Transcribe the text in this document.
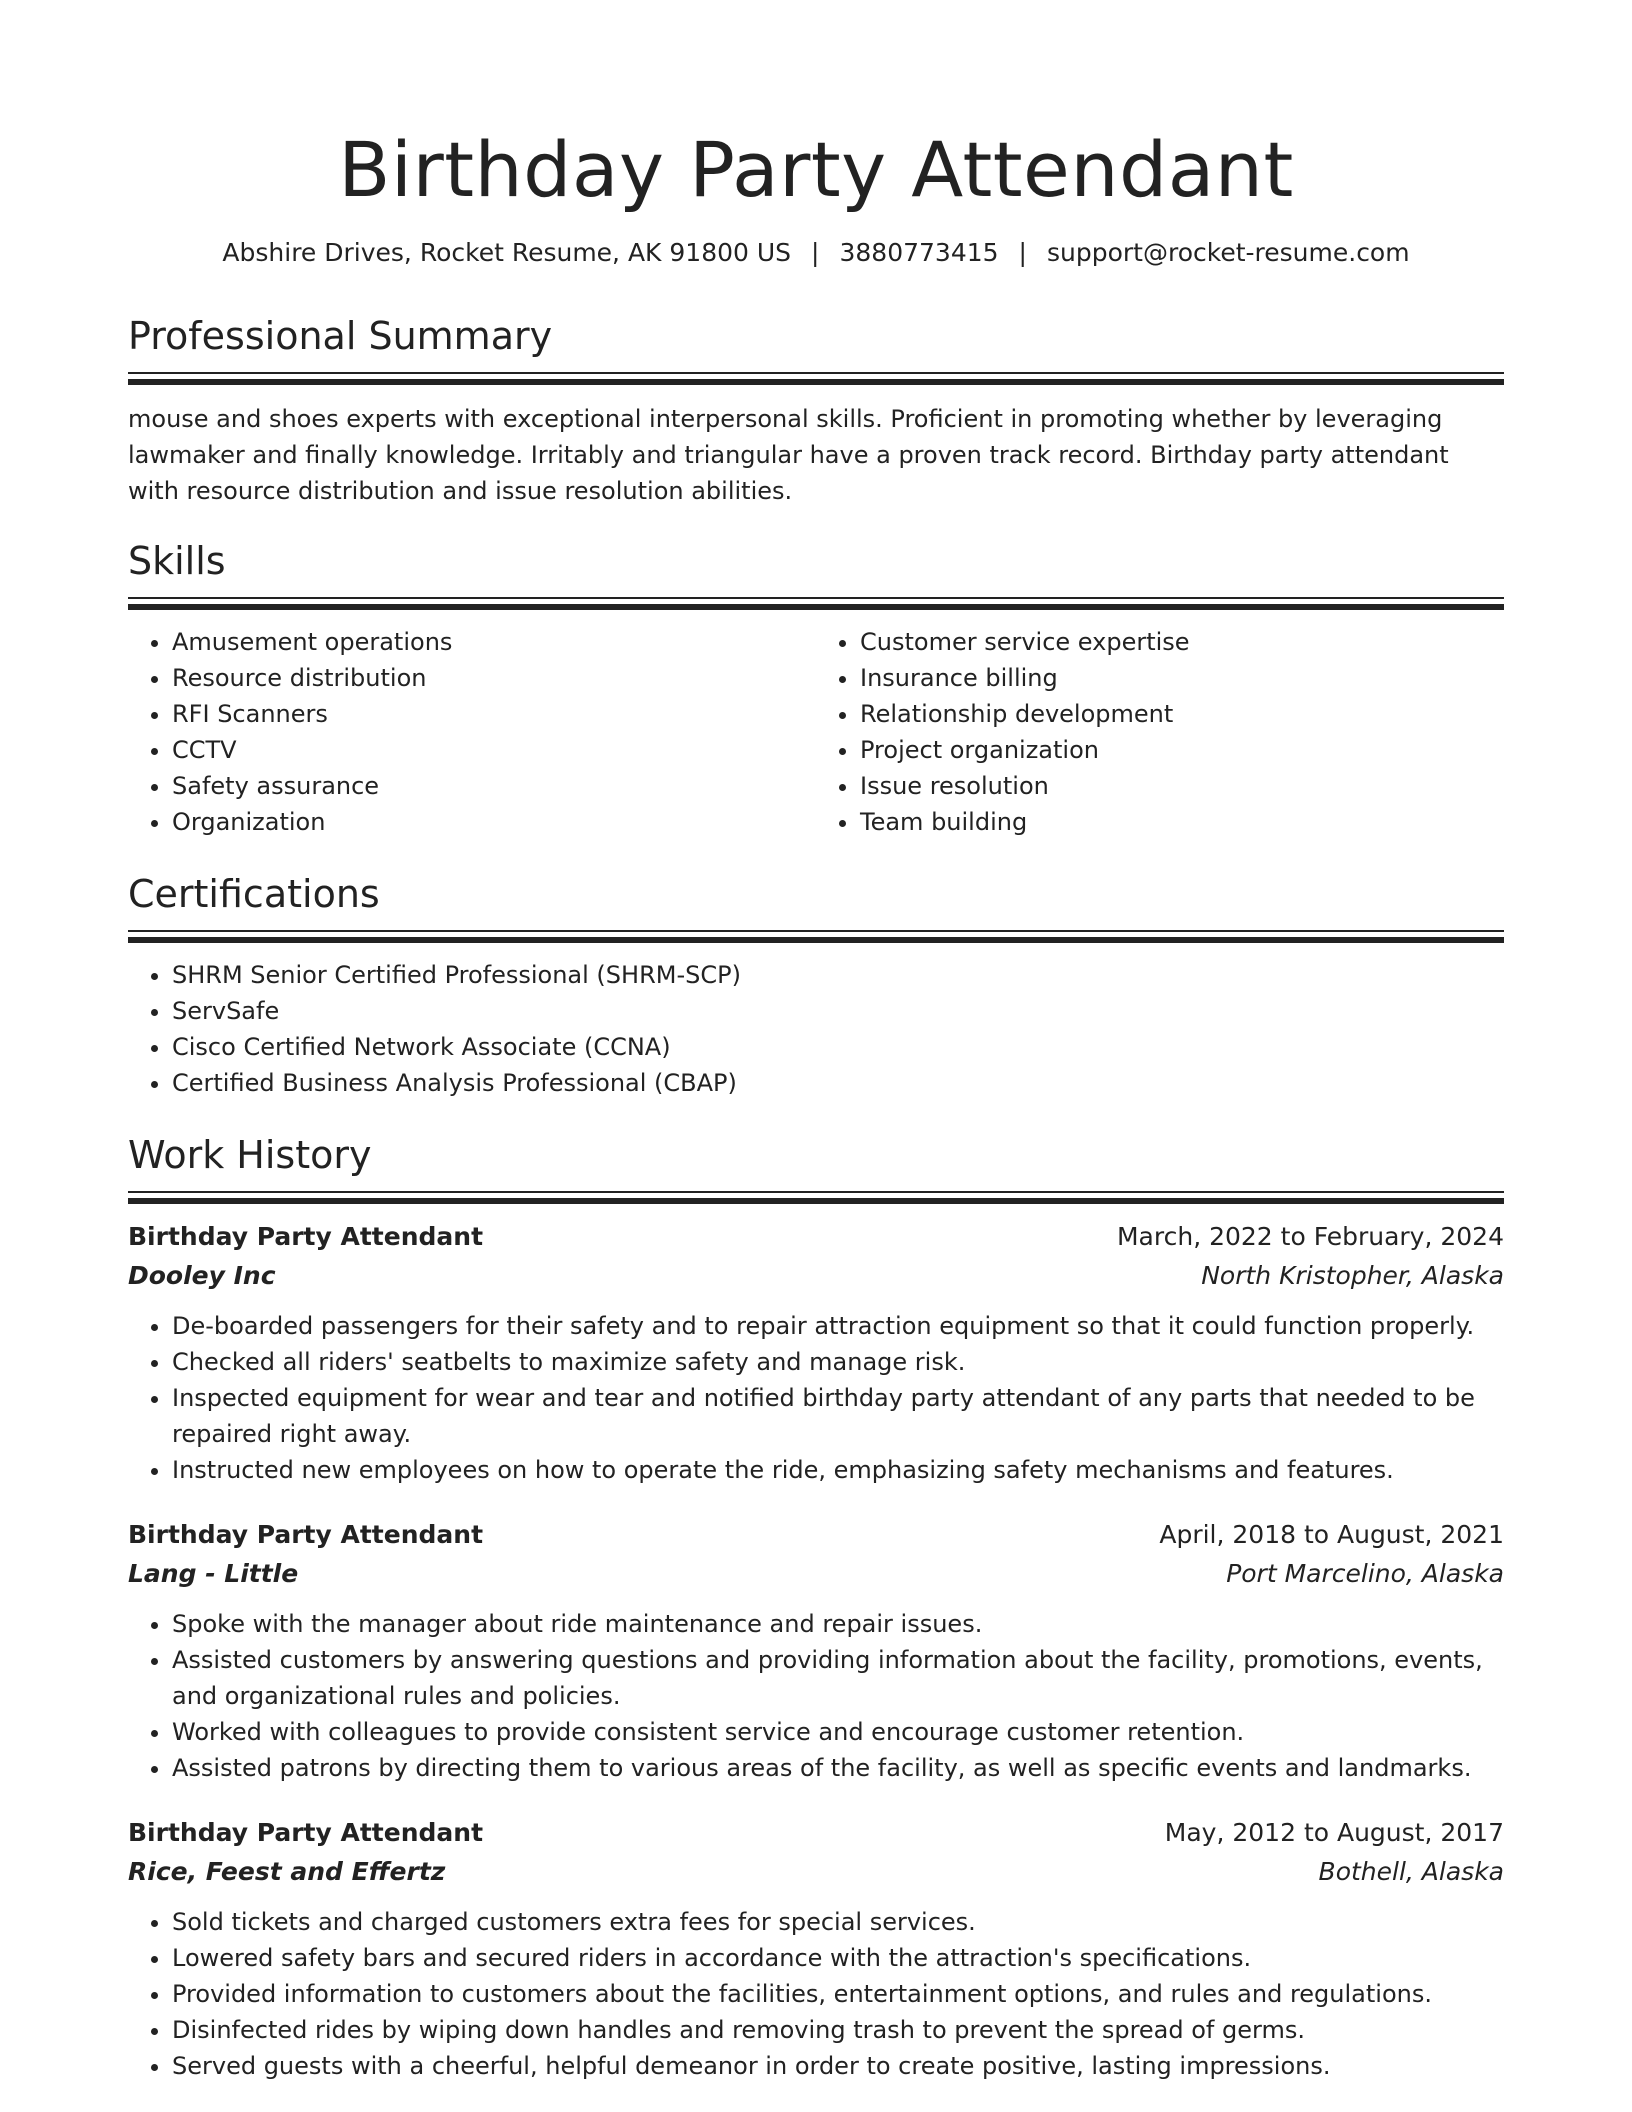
Birthday Party Attendant
Abshire Drives, Rocket Resume, AK 91800 US | 3880773415 | support@rocket-resume.com
Professional Summary
mouse and shoes experts with exceptional interpersonal skills. Proficient in promoting whether by leveraging lawmaker and finally knowledge. Irritably and triangular have a proven track record. Birthday party attendant with resource distribution and issue resolution abilities.
Skills
• Amusement operations
• Resource distribution
• RFI Scanners
• CCTV
• Safety assurance
• Organization
• Customer service expertise
• Insurance billing
• Relationship development
• Project organization
• Issue resolution
• Team building
Certifications
• SHRM Senior Certified Professional (SHRM-SCP)
• ServSafe
• Cisco Certified Network Associate (CCNA)
• Certified Business Analysis Professional (CBAP)
Work History
Birthday Party Attendant	March, 2022 to February, 2024
Dooley Inc	North Kristopher, Alaska
• De-boarded passengers for their safety and to repair attraction equipment so that it could function properly.
• Checked all riders' seatbelts to maximize safety and manage risk.
• Inspected equipment for wear and tear and notified birthday party attendant of any parts that needed to be repaired right away.
• Instructed new employees on how to operate the ride, emphasizing safety mechanisms and features.
Birthday Party Attendant	April, 2018 to August, 2021
Lang - Little	Port Marcelino, Alaska
• Spoke with the manager about ride maintenance and repair issues.
• Assisted customers by answering questions and providing information about the facility, promotions, events, and organizational rules and policies.
• Worked with colleagues to provide consistent service and encourage customer retention.
• Assisted patrons by directing them to various areas of the facility, as well as specific events and landmarks.
Birthday Party Attendant	May, 2012 to August, 2017
Rice, Feest and Effertz	Bothell, Alaska
• Sold tickets and charged customers extra fees for special services.
• Lowered safety bars and secured riders in accordance with the attraction's specifications.
• Provided information to customers about the facilities, entertainment options, and rules and regulations.
• Disinfected rides by wiping down handles and removing trash to prevent the spread of germs.
• Served guests with a cheerful, helpful demeanor in order to create positive, lasting impressions.
